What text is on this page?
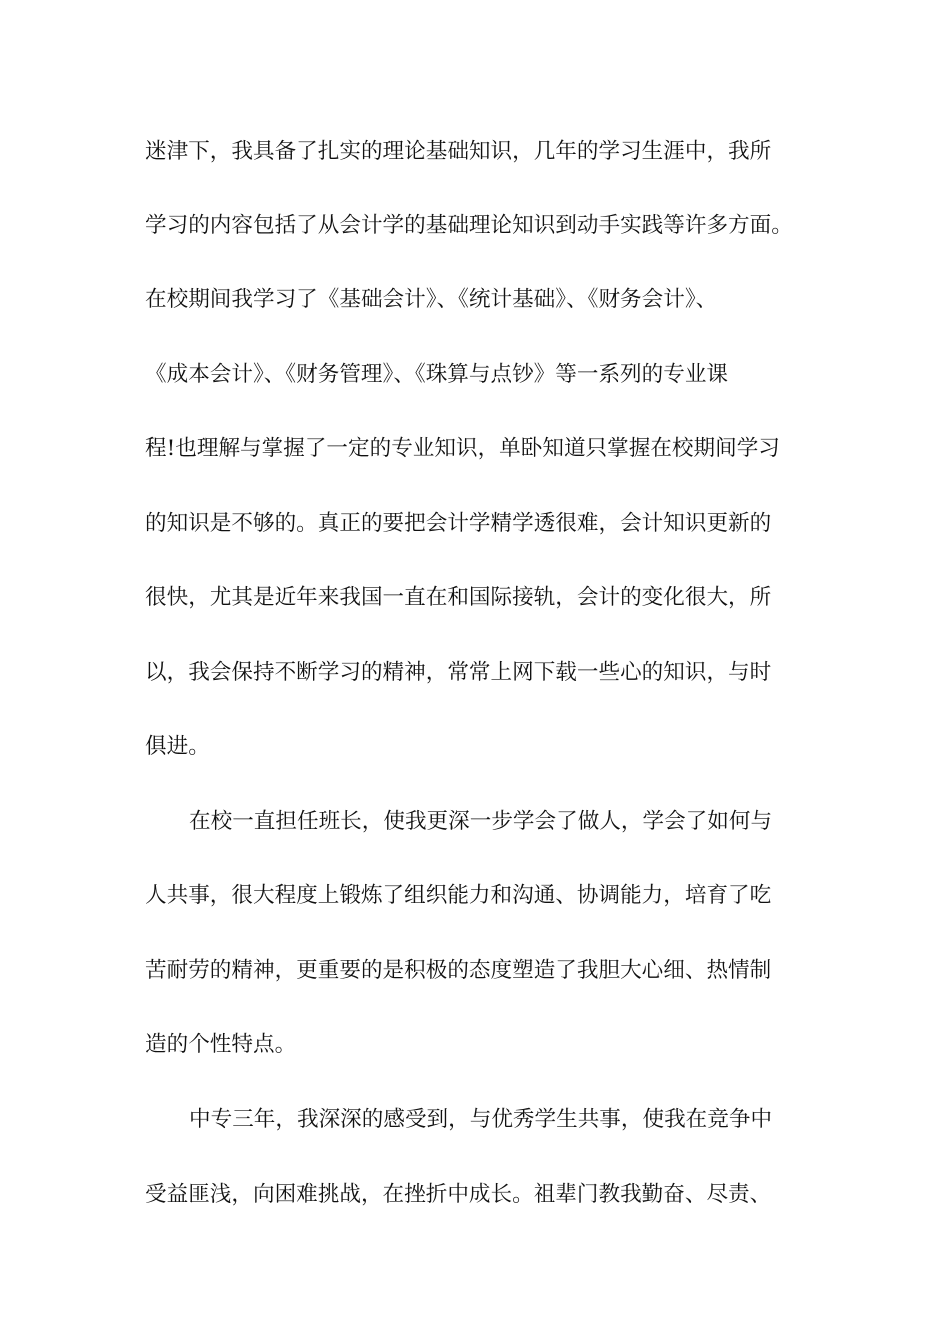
迷津下，我具备了扎实的理论基础知识，几年的学习生涯中，我所
学习的内容包括了从会计学的基础理论知识到动手实践等许多方面。
在校期间我学习了《基础会计》、《统计基础》、《财务会计》、
《成本会计》、《财务管理》、《珠算与点钞》等一系列的专业课
程!也理解与掌握了一定的专业知识，单卧知道只掌握在校期间学习
的知识是不够的。真正的要把会计学精学透很难，会计知识更新的
很快，尤其是近年来我国一直在和国际接轨，会计的变化很大，所
以，我会保持不断学习的精神，常常上网下载一些心的知识，与时
俱进。
在校一直担任班长，使我更深一步学会了做人，学会了如何与
人共事，很大程度上锻炼了组织能力和沟通、协调能力，培育了吃
苦耐劳的精神，更重要的是积极的态度塑造了我胆大心细、热情制
造的个性特点。
中专三年，我深深的感受到，与优秀学生共事，使我在竞争中
受益匪浅，向困难挑战，在挫折中成长。祖辈门教我勤奋、尽责、
